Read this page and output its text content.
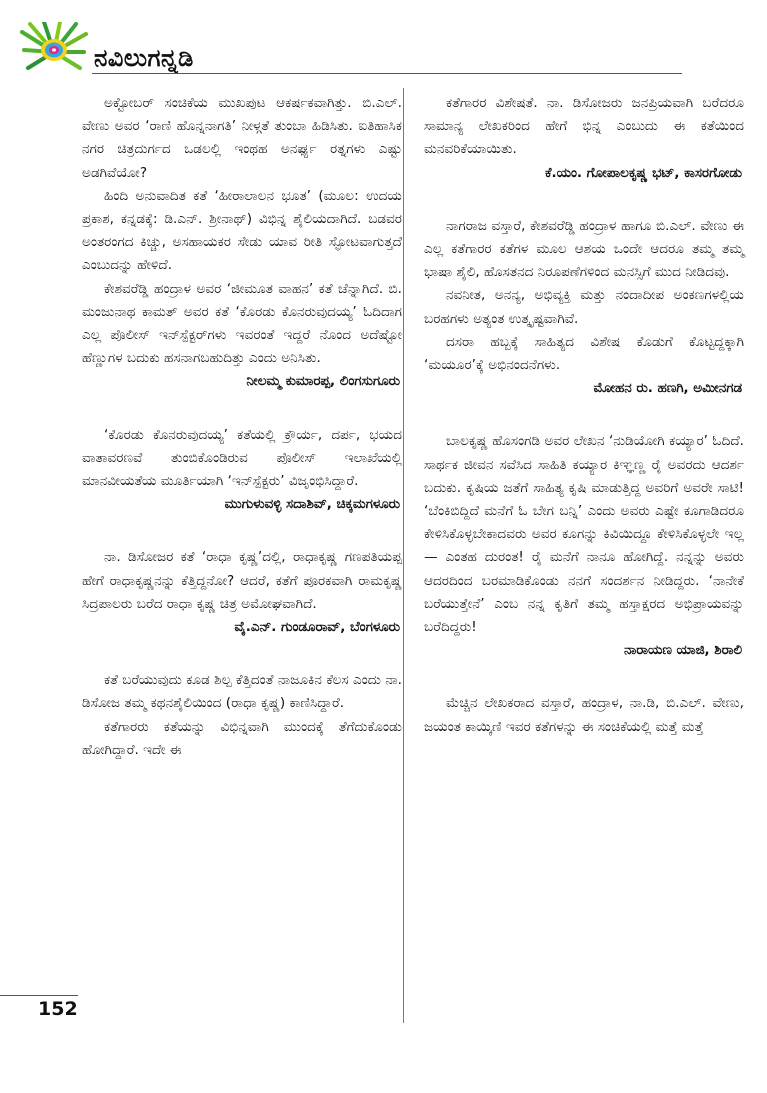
ನವಿಲುಗನ್ನಡಿ

ಅಕ್ಟೋಬರ್ ಸಂಚಿಕೆಯ ಮುಖಪುಟ ಆಕರ್ಷಕವಾಗಿತ್ತು. ಬಿ.ಎಲ್. ವೇಣು ಅವರ ‘ರಾಣಿ ಹೊನ್ನನಾಗತಿ’ ನೀಳ್ಗತೆ ತುಂಬಾ ಹಿಡಿಸಿತು. ಐತಿಹಾಸಿಕ ನಗರ ಚಿತ್ರದುರ್ಗದ ಒಡಲಲ್ಲಿ ಇಂಥಹ ಅನರ್ಘ್ಯ ರತ್ನಗಳು ಎಷ್ಟು ಅಡಗಿವೆಯೋ?

ಹಿಂದಿ ಅನುವಾದಿತ ಕತೆ ‘ಹೀರಾಲಾಲನ ಭೂತ’ (ಮೂಲ: ಉದಯ ಪ್ರಕಾಶ, ಕನ್ನಡಕ್ಕೆ: ಡಿ.ಎನ್. ಶ್ರೀನಾಥ್) ವಿಭಿನ್ನ ಶೈಲಿಯದಾಗಿದೆ. ಬಡವರ ಅಂತರಂಗದ ಕಿಚ್ಚು, ಅಸಹಾಯಕರ ಸೇಡು ಯಾವ ರೀತಿ ಸ್ಫೋಟವಾಗುತ್ತದೆ ಎಂಬುದನ್ನು ಹೇಳಿದೆ.

ಕೇಶವರೆಡ್ಡಿ ಹಂದ್ರಾಳ ಅವರ ‘ಜೀಮೂತ ವಾಹನ’ ಕತೆ ಚೆನ್ನಾಗಿದೆ. ಬಿ. ಮಂಜುನಾಥ ಕಾಮತ್ ಅವರ ಕತೆ ‘ಕೊರಡು ಕೊನರುವುದಯ್ಯ’ ಓದಿದಾಗ ಎಲ್ಲ ಪೊಲೀಸ್ ಇನ್‌ಸ್ಪೆಕ್ಟರ್‌ಗಳು ಇವರಂತೆ ಇದ್ದರೆ ನೊಂದ ಅದೆಷ್ಟೋ ಹೆಣ್ಣುಗಳ ಬದುಕು ಹಸನಾಗಬಹುದಿತ್ತು ಎಂದು ಅನಿಸಿತು.

ನೀಲಮ್ಮ ಕುಮಾರಪ್ಪ, ಲಿಂಗಸುಗೂರು

‘ಕೊರಡು ಕೊನರುವುದಯ್ಯ’ ಕತೆಯಲ್ಲಿ ಕ್ರೌರ್ಯ, ದರ್ಪ, ಭಯದ ವಾತಾವರಣವೆ ತುಂಬಿಕೊಂಡಿರುವ ಪೊಲೀಸ್ ಇಲಾಖೆಯಲ್ಲಿ ಮಾನವೀಯತೆಯ ಮೂರ್ತಿಯಾಗಿ ‘ಇನ್‌ಸ್ಪೆಕ್ಟರು’ ವಿಜೃಂಭಿಸಿದ್ದಾರೆ.

ಮುಗುಳುವಳ್ಳಿ ಸದಾಶಿವ್, ಚಿಕ್ಕಮಗಳೂರು

ನಾ. ಡಿಸೋಜರ ಕತೆ ‘ರಾಧಾ ಕೃಷ್ಣ’ದಲ್ಲಿ, ರಾಧಾಕೃಷ್ಣ ಗಣಪತಿಯಪ್ಪ ಹೇಗೆ ರಾಧಾಕೃಷ್ಣನನ್ನು ಕೆತ್ತಿದ್ದನೋ? ಆದರೆ, ಕತೆಗೆ ಪೂರಕವಾಗಿ ರಾಮಕೃಷ್ಣ ಸಿದ್ರಪಾಲರು ಬರೆದ ರಾಧಾ ಕೃಷ್ಣ ಚಿತ್ರ ಅಮೋಘವಾಗಿದೆ.

ವೈ.ಎನ್. ಗುಂಡೂರಾವ್, ಬೆಂಗಳೂರು

ಕತೆ ಬರೆಯುವುದು ಕೂಡ ಶಿಲ್ಪ ಕೆತ್ತಿದಂತೆ ನಾಜೂಕಿನ ಕೆಲಸ ಎಂದು ನಾ. ಡಿಸೋಜ ತಮ್ಮ ಕಥನಶೈಲಿಯಿಂದ (ರಾಧಾ ಕೃಷ್ಣ) ಕಾಣಿಸಿದ್ದಾರೆ.

ಕತೆಗಾರರು ಕತೆಯನ್ನು ವಿಭಿನ್ನವಾಗಿ ಮುಂದಕ್ಕೆ ತೆಗೆದುಕೊಂಡು ಹೋಗಿದ್ದಾರೆ. ಇದೇ ಈ

ಕತೆಗಾರರ ವಿಶೇಷತೆ. ನಾ. ಡಿಸೋಜರು ಜನಪ್ರಿಯವಾಗಿ ಬರೆದರೂ ಸಾಮಾನ್ಯ ಲೇಖಕರಿಂದ ಹೇಗೆ ಭಿನ್ನ ಎಂಬುದು ಈ ಕತೆಯಿಂದ ಮನವರಿಕೆಯಾಯಿತು.

ಕೆ.ಯಂ. ಗೋಪಾಲಕೃಷ್ಣ ಭಟ್, ಕಾಸರಗೋಡು

ನಾಗರಾಜ ವಸ್ತಾರೆ, ಕೇಶವರೆಡ್ಡಿ ಹಂದ್ರಾಳ ಹಾಗೂ ಬಿ.ಎಲ್. ವೇಣು ಈ ಎಲ್ಲ ಕತೆಗಾರರ ಕತೆಗಳ ಮೂಲ ಆಶಯ ಒಂದೇ ಆದರೂ ತಮ್ಮ ತಮ್ಮ ಭಾಷಾ ಶೈಲಿ, ಹೊಸತನದ ನಿರೂಪಣೆಗಳಿಂದ ಮನಸ್ಸಿಗೆ ಮುದ ನೀಡಿದವು.

ನವನೀತ, ಅನನ್ಯ, ಅಭಿವ್ಯಕ್ತಿ ಮತ್ತು ನಂದಾದೀಪ ಅಂಕಣಗಳಲ್ಲಿಯ ಬರಹಗಳು ಅತ್ಯಂತ ಉತ್ಕೃಷ್ಟವಾಗಿವೆ.

ದಸರಾ ಹಬ್ಬಕ್ಕೆ ಸಾಹಿತ್ಯದ ವಿಶೇಷ ಕೊಡುಗೆ ಕೊಟ್ಟದ್ದಕ್ಕಾಗಿ ‘ಮಯೂರ’ಕ್ಕೆ ಅಭಿನಂದನೆಗಳು.

ಮೋಹನ ರು. ಹಣಗಿ, ಅಮೀನಗಡ

ಬಾಲಕೃಷ್ಣ ಹೊಸಂಗಡಿ ಅವರ ಲೇಖನ ‘ನುಡಿಯೋಗಿ ಕಯ್ಯಾರ’ ಓದಿದೆ. ಸಾರ್ಥಕ ಜೀವನ ಸವೆಸಿದ ಸಾಹಿತಿ ಕಯ್ಯಾರ ಕಿಞ್ಞಣ್ಣ ರೈ ಅವರದು ಆದರ್ಶ ಬದುಕು. ಕೃಷಿಯ ಜತೆಗೆ ಸಾಹಿತ್ಯ ಕೃಷಿ ಮಾಡುತ್ತಿದ್ದ ಅವರಿಗೆ ಅವರೇ ಸಾಟಿ! ‘ಬೆಂಕಿಬಿದ್ದಿದೆ ಮನೆಗೆ ಓ ಬೇಗ ಬನ್ನಿ’ ಎಂದು ಅವರು ಎಷ್ಟೇ ಕೂಗಾಡಿದರೂ ಕೇಳಿಸಿಕೊಳ್ಳಬೇಕಾದವರು ಅವರ ಕೂಗನ್ನು ಕಿವಿಯಿದ್ದೂ ಕೇಳಿಸಿಕೊಳ್ಳಲೇ ಇಲ್ಲ— ಎಂತಹ ದುರಂತ! ರೈ ಮನೆಗೆ ನಾನೂ ಹೋಗಿದ್ದೆ. ನನ್ನನ್ನು ಅವರು ಆದರದಿಂದ ಬರಮಾಡಿಕೊಂಡು ನನಗೆ ಸಂದರ್ಶನ ನೀಡಿದ್ದರು. ‘ನಾನೇಕೆ ಬರೆಯುತ್ತೇನೆ’ ಎಂಬ ನನ್ನ ಕೃತಿಗೆ ತಮ್ಮ ಹಸ್ತಾಕ್ಷರದ ಅಭಿಪ್ರಾಯವನ್ನು ಬರೆದಿದ್ದರು!

ನಾರಾಯಣ ಯಾಜಿ, ಶಿರಾಲಿ

ಮೆಚ್ಚಿನ ಲೇಖಕರಾದ ವಸ್ತಾರೆ, ಹಂದ್ರಾಳ, ನಾ.ಡಿ, ಬಿ.ಎಲ್. ವೇಣು, ಜಯಂತ ಕಾಯ್ಕಿಣಿ ಇವರ ಕತೆಗಳನ್ನು ಈ ಸಂಚಿಕೆಯಲ್ಲಿ ಮತ್ತೆ ಮತ್ತೆ

152
